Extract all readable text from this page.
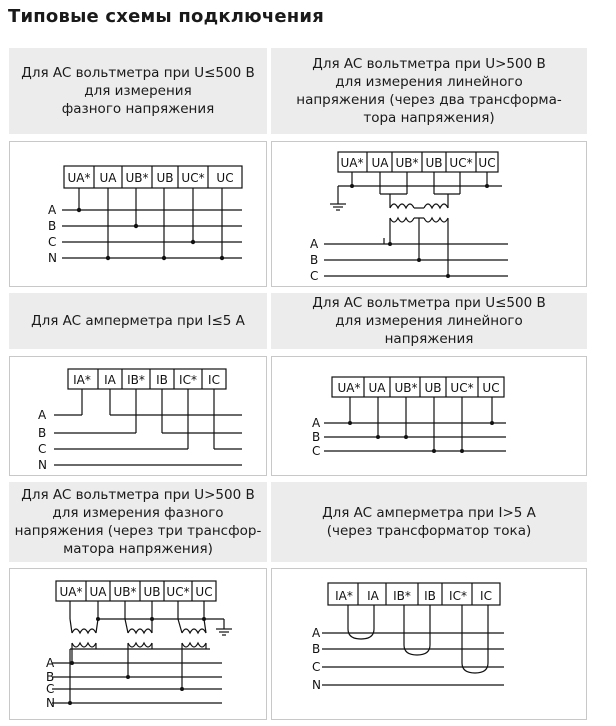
Типовые схемы подключения
Для AC вольтметра при U≤500 В
для измерения
фазного напряжения
Для AC вольтметра при U>500 В
для измерения линейного
напряжения (через два трансформа-
тора напряжения)
UA* UA UB* UB UC* UC
A
B
C
N
UA* UA UB* UB UC* UC
A
B
C
Для AC амперметра при I≤5 А
Для AC вольтметра при U≤500 В
для измерения линейного
напряжения
IA* IA IB* IB IC* IC
A
B
C
N
UA* UA UB* UB UC* UC
A
B
C
Для AC вольтметра при U>500 В
для измерения фазного
напряжения (через три трансфор-
матора напряжения)
Для AC амперметра при I>5 А
(через трансформатор тока)
UA* UA UB* UB UC* UC
A
B
C
N
IA* IA IB* IB IC* IC
A
B
C
N
